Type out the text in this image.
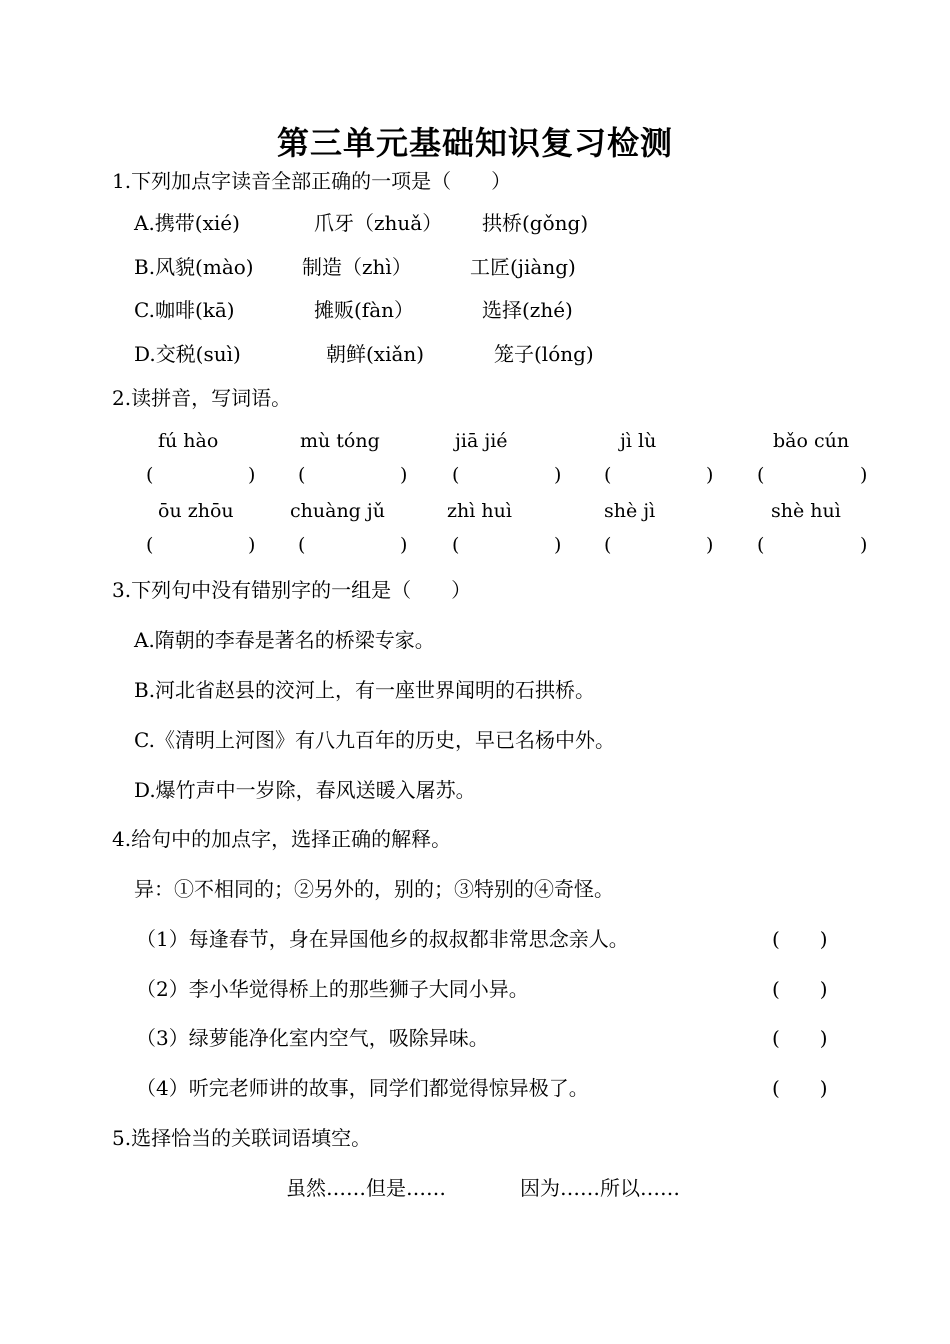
第三单元基础知识复习检测
1.下列加点字读音全部正确的一项是（　　）
A.携带(xié)	爪牙（zhuǎ） 拱桥(gǒng)
B.风貌(mào) 制造（zhì）	工匠(jiàng)
C.咖啡(kā)	摊贩(fàn）	选择(zhé)
D.交税(suì)	朝鲜(xiǎn)	笼子(lóng)
2.读拼音，写词语。
fú hào	mù tóng	jiā jié	jì lù	bǎo cún
(	) (	) (	) (	) (	)
ōu zhōu	chuàng jǔ	zhì huì	shè jì	shè huì
(	) (	) (	) (	) (	)
3.下列句中没有错别字的一组是（　　）
A.隋朝的李春是著名的桥梁专家。
B.河北省赵县的洨河上，有一座世界闻明的石拱桥。
C.《清明上河图》有八九百年的历史，早已名杨中外。
D.爆竹声中一岁除，春风送暖入屠苏。
4.给句中的加点字，选择正确的解释。
异：①不相同的；②另外的，别的；③特别的④奇怪。
（1）每逢春节，身在异国他乡的叔叔都非常思念亲人。	(　　)
（2）李小华觉得桥上的那些狮子大同小异。	(　　)
（3）绿萝能净化室内空气，吸除异味。	(　　)
（4）听完老师讲的故事，同学们都觉得惊异极了。	(　　)
5.选择恰当的关联词语填空。
虽然……但是……	因为……所以……
